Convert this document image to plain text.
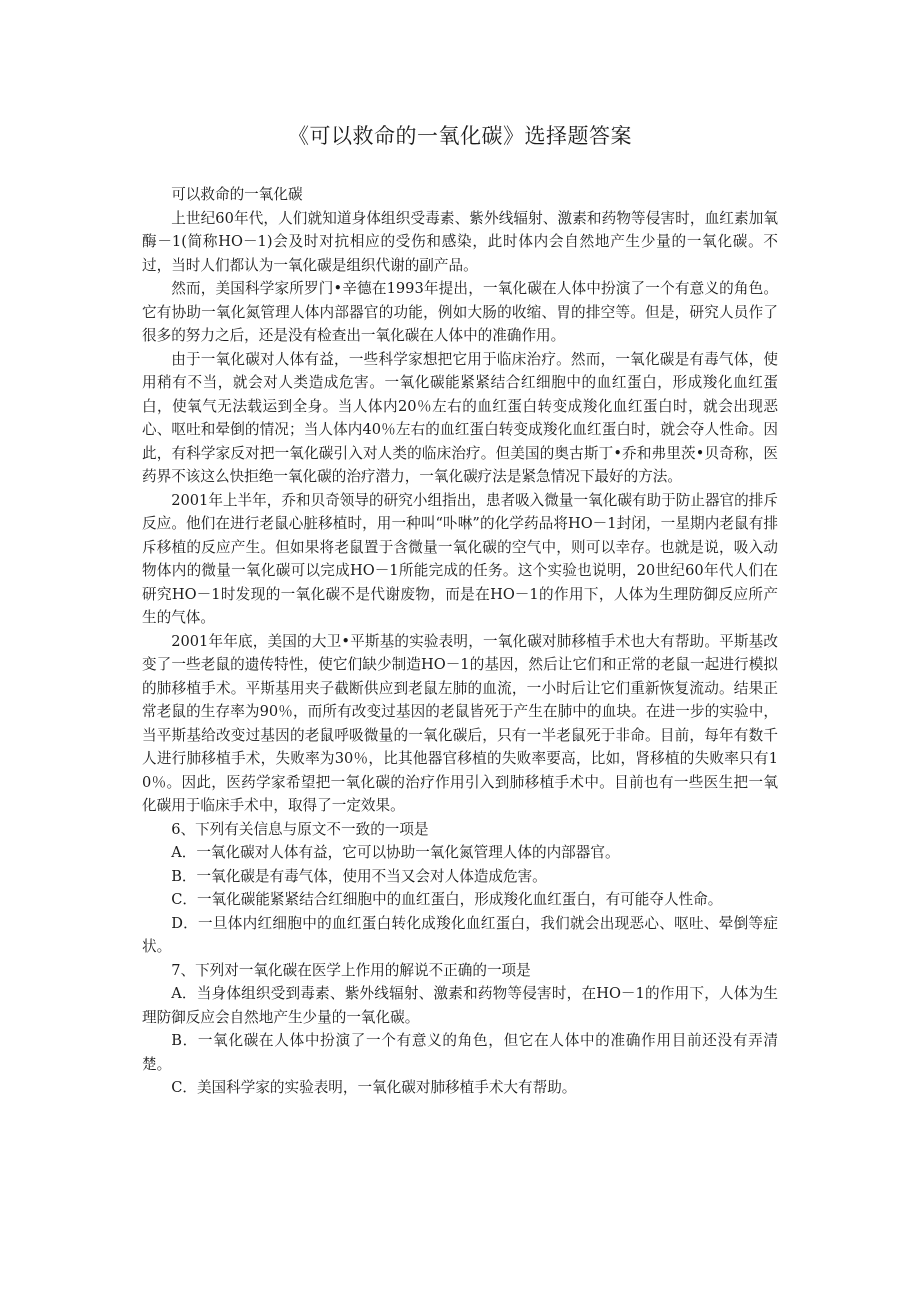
《可以救命的一氧化碳》选择题答案

可以救命的一氧化碳

上世纪60年代，人们就知道身体组织受毒素、紫外线辐射、激素和药物等侵害时，血红素加氧酶－1(简称HO－1)会及时对抗相应的受伤和感染，此时体内会自然地产生少量的一氧化碳。不过，当时人们都认为一氧化碳是组织代谢的副产品。

然而，美国科学家所罗门•辛德在1993年提出，一氧化碳在人体中扮演了一个有意义的角色。它有协助一氧化氮管理人体内部器官的功能，例如大肠的收缩、胃的排空等。但是，研究人员作了很多的努力之后，还是没有检查出一氧化碳在人体中的准确作用。

由于一氧化碳对人体有益，一些科学家想把它用于临床治疗。然而，一氧化碳是有毒气体，使用稍有不当，就会对人类造成危害。一氧化碳能紧紧结合红细胞中的血红蛋白，形成羧化血红蛋白，使氧气无法载运到全身。当人体内20％左右的血红蛋白转变成羧化血红蛋白时，就会出现恶心、呕吐和晕倒的情况；当人体内40％左右的血红蛋白转变成羧化血红蛋白时，就会夺人性命。因此，有科学家反对把一氧化碳引入对人类的临床治疗。但美国的奥古斯丁•乔和弗里茨•贝奇称，医药界不该这么快拒绝一氧化碳的治疗潜力，一氧化碳疗法是紧急情况下最好的方法。

2001年上半年，乔和贝奇领导的研究小组指出，患者吸入微量一氧化碳有助于防止器官的排斥反应。他们在进行老鼠心脏移植时，用一种叫“卟啉”的化学药品将HO－1封闭，一星期内老鼠有排斥移植的反应产生。但如果将老鼠置于含微量一氧化碳的空气中，则可以幸存。也就是说，吸入动物体内的微量一氧化碳可以完成HO－1所能完成的任务。这个实验也说明，20世纪60年代人们在研究HO－1时发现的一氧化碳不是代谢废物，而是在HO－1的作用下，人体为生理防御反应所产生的气体。

2001年年底，美国的大卫•平斯基的实验表明，一氧化碳对肺移植手术也大有帮助。平斯基改变了一些老鼠的遗传特性，使它们缺少制造HO－1的基因，然后让它们和正常的老鼠一起进行模拟的肺移植手术。平斯基用夹子截断供应到老鼠左肺的血流，一小时后让它们重新恢复流动。结果正常老鼠的生存率为90％，而所有改变过基因的老鼠皆死于产生在肺中的血块。在进一步的实验中，当平斯基给改变过基因的老鼠呼吸微量的一氧化碳后，只有一半老鼠死于非命。目前，每年有数千人进行肺移植手术，失败率为30％，比其他器官移植的失败率要高，比如，肾移植的失败率只有10％。因此，医药学家希望把一氧化碳的治疗作用引入到肺移植手术中。目前也有一些医生把一氧化碳用于临床手术中，取得了一定效果。

6、下列有关信息与原文不一致的一项是

A．一氧化碳对人体有益，它可以协助一氧化氮管理人体的内部器官。

B．一氧化碳是有毒气体，使用不当又会对人体造成危害。

C．一氧化碳能紧紧结合红细胞中的血红蛋白，形成羧化血红蛋白，有可能夺人性命。

D．一旦体内红细胞中的血红蛋白转化成羧化血红蛋白，我们就会出现恶心、呕吐、晕倒等症状。

7、下列对一氧化碳在医学上作用的解说不正确的一项是

A．当身体组织受到毒素、紫外线辐射、激素和药物等侵害时，在HO－1的作用下，人体为生理防御反应会自然地产生少量的一氧化碳。

B．一氧化碳在人体中扮演了一个有意义的角色，但它在人体中的准确作用目前还没有弄清楚。

C．美国科学家的实验表明，一氧化碳对肺移植手术大有帮助。
